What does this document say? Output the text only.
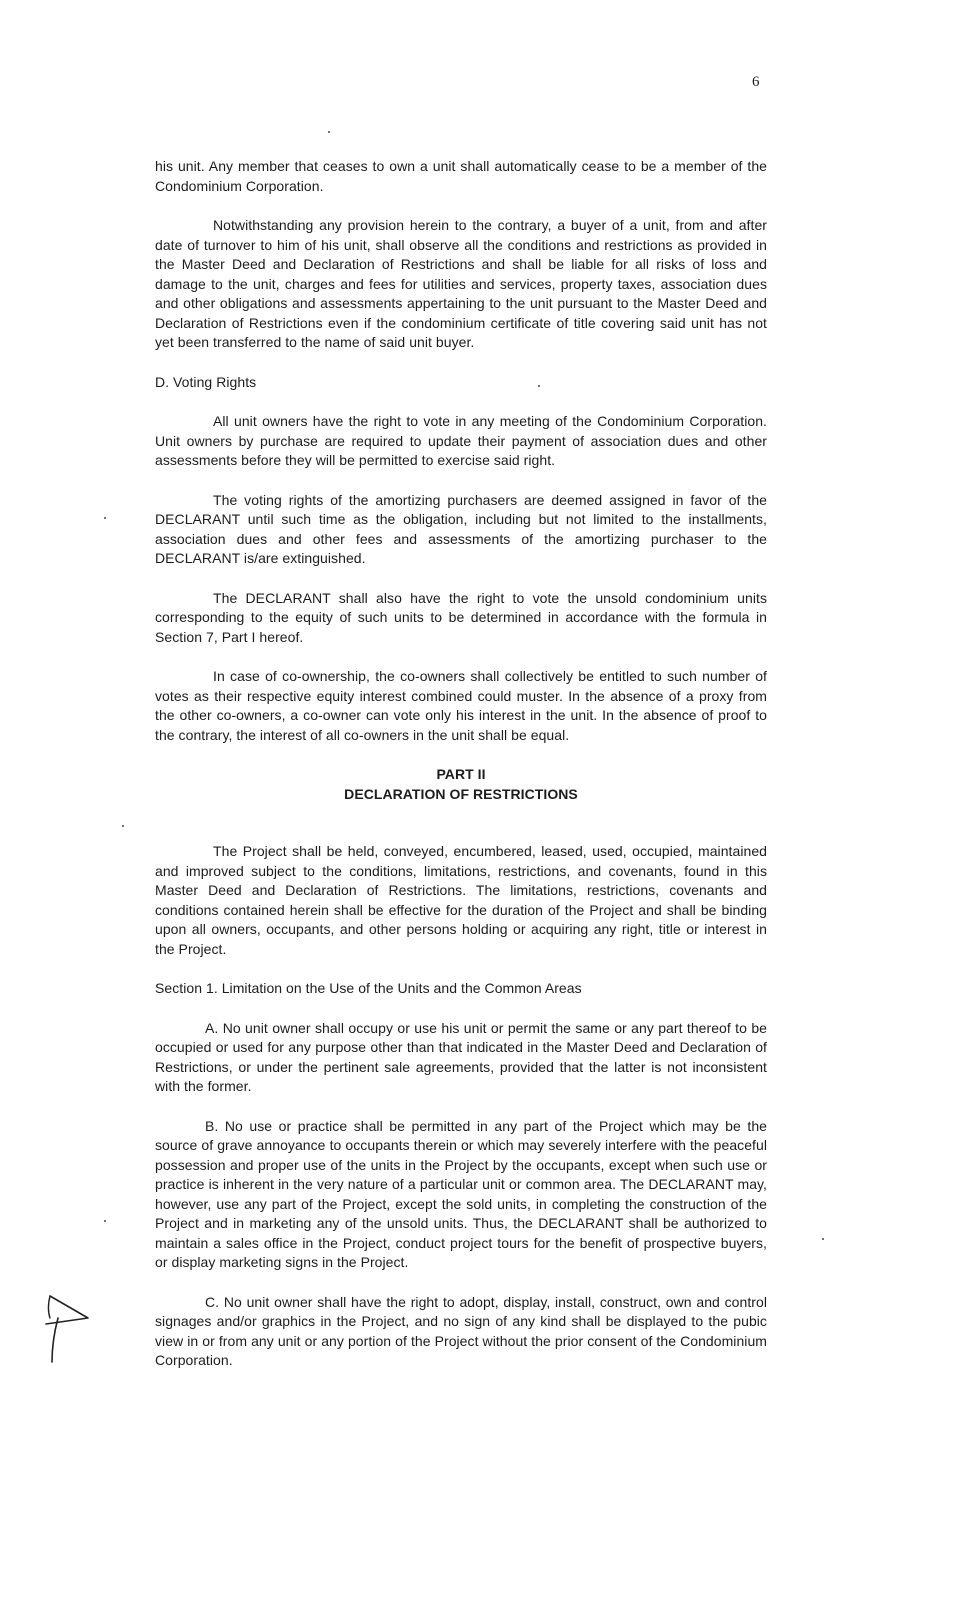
6

his unit. Any member that ceases to own a unit shall automatically cease to be a member of the Condominium Corporation.

Notwithstanding any provision herein to the contrary, a buyer of a unit, from and after date of turnover to him of his unit, shall observe all the conditions and restrictions as provided in the Master Deed and Declaration of Restrictions and shall be liable for all risks of loss and damage to the unit, charges and fees for utilities and services, property taxes, association dues and other obligations and assessments appertaining to the unit pursuant to the Master Deed and Declaration of Restrictions even if the condominium certificate of title covering said unit has not yet been transferred to the name of said unit buyer.

D. Voting Rights

All unit owners have the right to vote in any meeting of the Condominium Corporation. Unit owners by purchase are required to update their payment of association dues and other assessments before they will be permitted to exercise said right.

The voting rights of the amortizing purchasers are deemed assigned in favor of the DECLARANT until such time as the obligation, including but not limited to the installments, association dues and other fees and assessments of the amortizing purchaser to the DECLARANT is/are extinguished.

The DECLARANT shall also have the right to vote the unsold condominium units corresponding to the equity of such units to be determined in accordance with the formula in Section 7, Part I hereof.

In case of co-ownership, the co-owners shall collectively be entitled to such number of votes as their respective equity interest combined could muster. In the absence of a proxy from the other co-owners, a co-owner can vote only his interest in the unit. In the absence of proof to the contrary, the interest of all co-owners in the unit shall be equal.

PART II
DECLARATION OF RESTRICTIONS

The Project shall be held, conveyed, encumbered, leased, used, occupied, maintained and improved subject to the conditions, limitations, restrictions, and covenants, found in this Master Deed and Declaration of Restrictions. The limitations, restrictions, covenants and conditions contained herein shall be effective for the duration of the Project and shall be binding upon all owners, occupants, and other persons holding or acquiring any right, title or interest in the Project.

Section 1. Limitation on the Use of the Units and the Common Areas

A. No unit owner shall occupy or use his unit or permit the same or any part thereof to be occupied or used for any purpose other than that indicated in the Master Deed and Declaration of Restrictions, or under the pertinent sale agreements, provided that the latter is not inconsistent with the former.

B. No use or practice shall be permitted in any part of the Project which may be the source of grave annoyance to occupants therein or which may severely interfere with the peaceful possession and proper use of the units in the Project by the occupants, except when such use or practice is inherent in the very nature of a particular unit or common area. The DECLARANT may, however, use any part of the Project, except the sold units, in completing the construction of the Project and in marketing any of the unsold units. Thus, the DECLARANT shall be authorized to maintain a sales office in the Project, conduct project tours for the benefit of prospective buyers, or display marketing signs in the Project.

C. No unit owner shall have the right to adopt, display, install, construct, own and control signages and/or graphics in the Project, and no sign of any kind shall be displayed to the pubic view in or from any unit or any portion of the Project without the prior consent of the Condominium Corporation.
